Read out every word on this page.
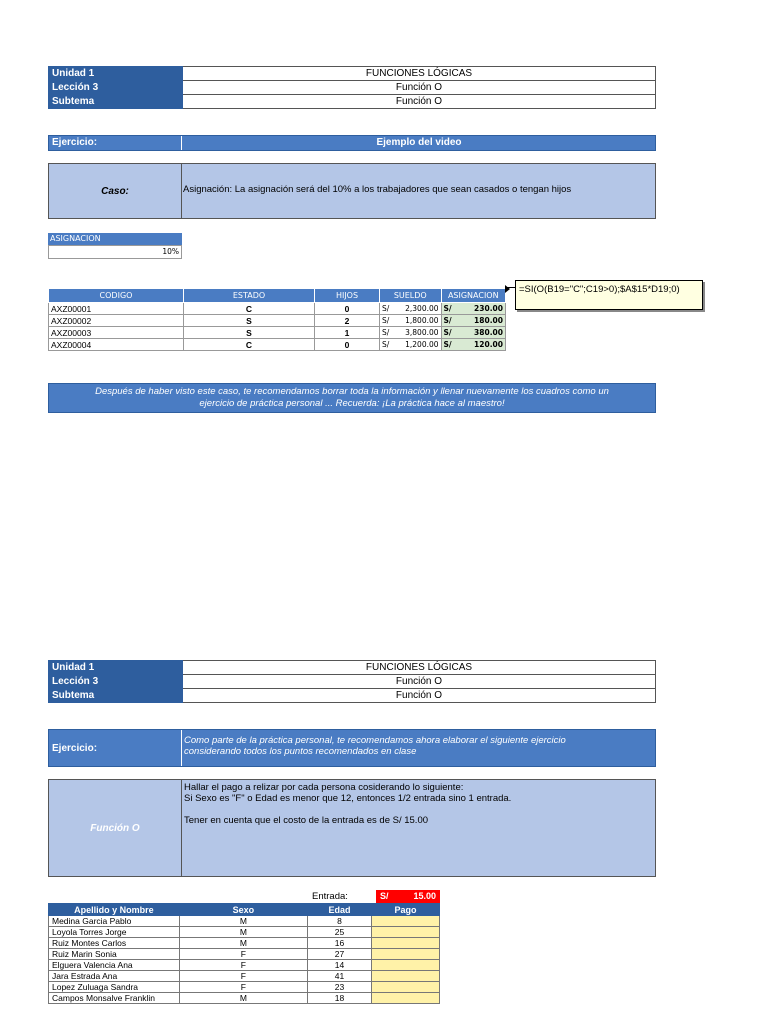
Unidad 1	FUNCIONES LÓGICAS
Lección 3	Función O
Subtema	Función O
Ejercicio:	Ejemplo del video
Caso:	Asignación: La asignación será del 10% a los trabajadores que sean casados o tengan hijos
ASIGNACION
10%
CODIGO	ESTADO	HIJOS	SUELDO		ASIGNACION	
AXZ00001	C	0	S/	2,300.00	S/	230.00
AXZ00002	S	2	S/	1,800.00	S/	180.00
AXZ00003	S	1	S/	3,800.00	S/	380.00
AXZ00004	C	0	S/	1,200.00	S/	120.00
=SI(O(B19="C";C19>0);$A$15*D19;0)
Después de haber visto este caso, te recomendamos borrar toda la información y llenar nuevamente los cuadros como un
ejercicio de práctica personal ... Recuerda: ¡La práctica hace al maestro!
Unidad 1	FUNCIONES LÓGICAS
Lección 3	Función O
Subtema	Función O
Ejercicio:
Como parte de la práctica personal, te recomendamos ahora elaborar el siguiente ejercicio
considerando todos los puntos recomendados en clase
Función O
Hallar el pago a relizar por cada persona cosiderando lo siguiente:
Si Sexo es "F" o Edad es menor que 12, entonces 1/2 entrada sino 1 entrada.
Tener en cuenta que el costo de la entrada es de S/ 15.00
Entrada:	S/	15.00
Apellido y Nombre	Sexo	Edad	Pago
Medina Garcia Pablo	M	8	
Loyola Torres Jorge	M	25	
Ruiz Montes Carlos	M	16	
Ruiz Marin Sonia	F	27	
Elguera Valencia Ana	F	14	
Jara Estrada Ana	F	41	
Lopez Zuluaga Sandra	F	23	
Campos Monsalve Franklin	M	18	
